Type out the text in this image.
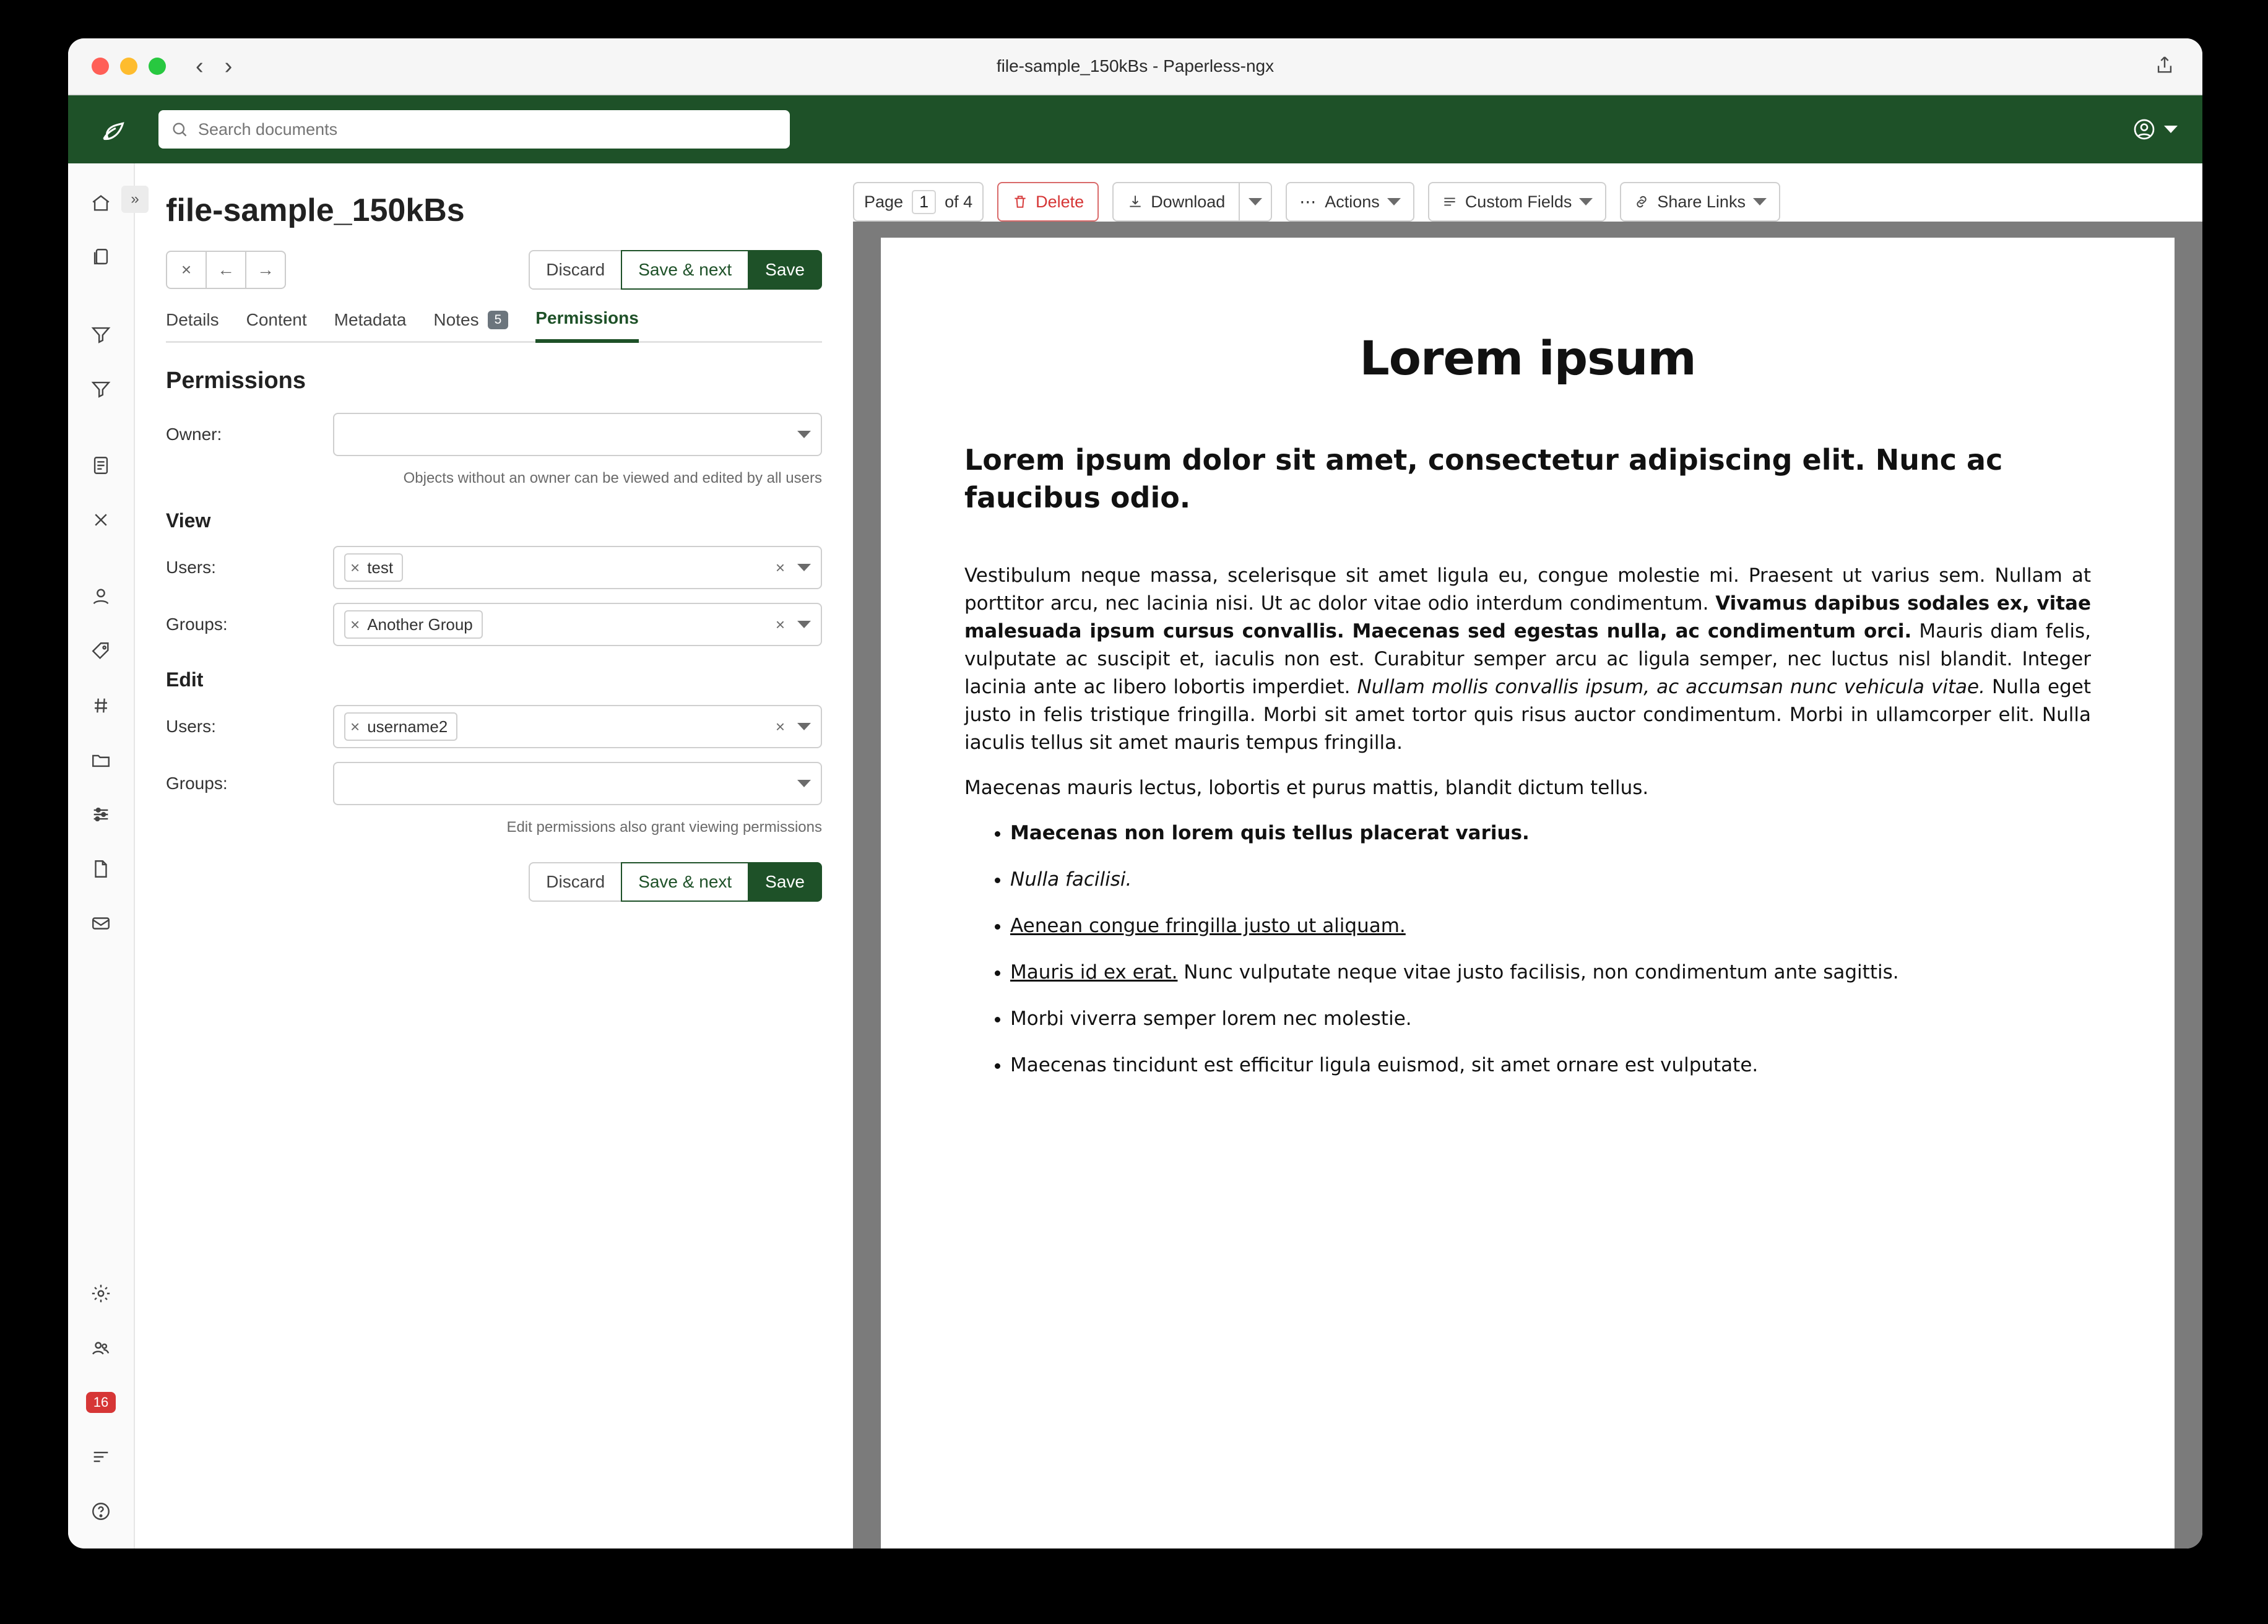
‹ ›	file-sample_150kBs - Paperless-ngx
Search documents
»
16
file-sample_150kBs
×	←	→	Discard	Save & next	Save
Details Content Metadata Notes	5	Permissions
Permissions
Owner:
Objects without an owner can be viewed and edited by all users
View
Users:	× test	×
Groups:	× Another Group	×
Edit
Users:	× username2	×
Groups:
Edit permissions also grant viewing permissions
Discard	Save & next	Save
Page 1 of 4	Delete	Download	⋯ Actions	Custom Fields	Share Links
Lorem ipsum
Lorem ipsum dolor sit amet, consectetur adipiscing elit. Nunc ac faucibus odio.

Vestibulum neque massa, scelerisque sit amet ligula eu, congue molestie mi. Praesent ut varius sem. Nullam at porttitor arcu, nec lacinia nisi. Ut ac dolor vitae odio interdum condimentum. Vivamus dapibus sodales ex, vitae malesuada ipsum cursus convallis. Maecenas sed egestas nulla, ac condimentum orci. Mauris diam felis, vulputate ac suscipit et, iaculis non est. Curabitur semper arcu ac ligula semper, nec luctus nisl blandit. Integer lacinia ante ac libero lobortis imperdiet. Nullam mollis convallis ipsum, ac accumsan nunc vehicula vitae. Nulla eget justo in felis tristique fringilla. Morbi sit amet tortor quis risus auctor condimentum. Morbi in ullamcorper elit. Nulla iaculis tellus sit amet mauris tempus fringilla.

Maecenas mauris lectus, lobortis et purus mattis, blandit dictum tellus.

• Maecenas non lorem quis tellus placerat varius.
• Nulla facilisi.
• Aenean congue fringilla justo ut aliquam.
• Mauris id ex erat. Nunc vulputate neque vitae justo facilisis, non condimentum ante sagittis.
• Morbi viverra semper lorem nec molestie.
• Maecenas tincidunt est efficitur ligula euismod, sit amet ornare est vulputate.
